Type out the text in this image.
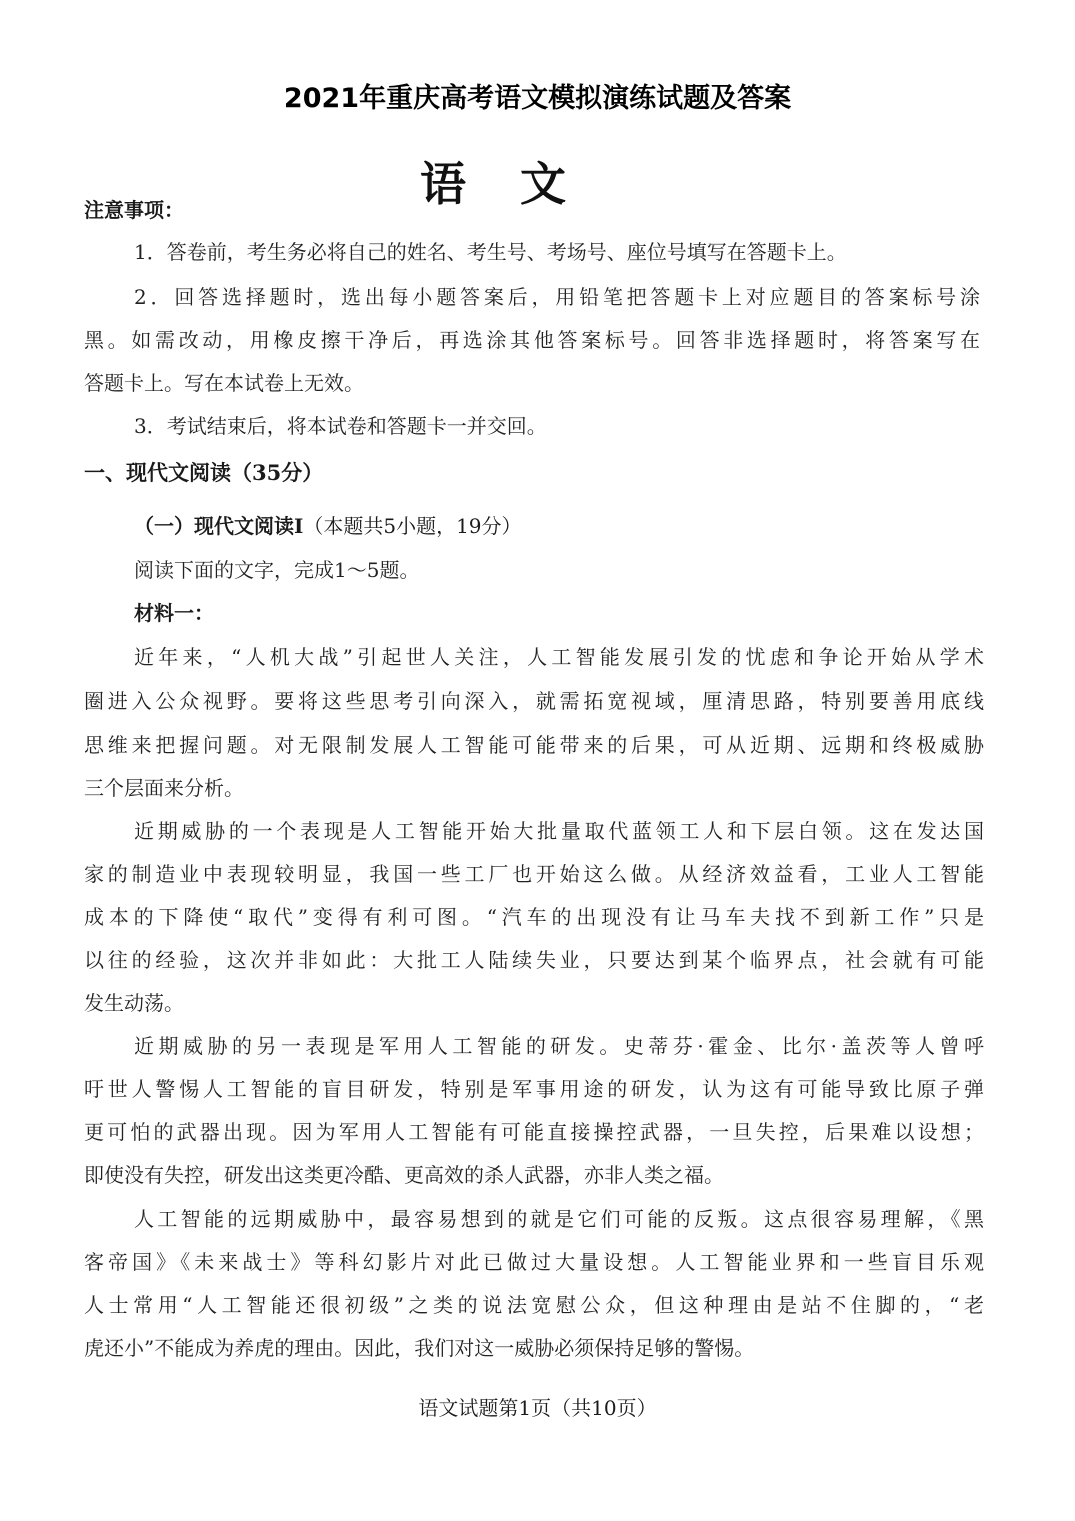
2021年重庆高考语文模拟演练试题及答案
语文
注意事项：
1．答卷前，考生务必将自己的姓名、考生号、考场号、座位号填写在答题卡上。
2．回答选择题时，选出每小题答案后，用铅笔把答题卡上对应题目的答案标号涂
黑。如需改动，用橡皮擦干净后，再选涂其他答案标号。回答非选择题时，将答案写在
答题卡上。写在本试卷上无效。
3．考试结束后，将本试卷和答题卡一并交回。
一、现代文阅读（35分）
（一）现代文阅读Ⅰ（本题共5小题，19分）
阅读下面的文字，完成1～5题。
材料一：
近年来，“人机大战”引起世人关注，人工智能发展引发的忧虑和争论开始从学术
圈进入公众视野。要将这些思考引向深入，就需拓宽视域，厘清思路，特别要善用底线
思维来把握问题。对无限制发展人工智能可能带来的后果，可从近期、远期和终极威胁
三个层面来分析。
近期威胁的一个表现是人工智能开始大批量取代蓝领工人和下层白领。这在发达国
家的制造业中表现较明显，我国一些工厂也开始这么做。从经济效益看，工业人工智能
成本的下降使“取代”变得有利可图。“汽车的出现没有让马车夫找不到新工作”只是
以往的经验，这次并非如此：大批工人陆续失业，只要达到某个临界点，社会就有可能
发生动荡。
近期威胁的另一表现是军用人工智能的研发。史蒂芬·霍金、比尔·盖茨等人曾呼
吁世人警惕人工智能的盲目研发，特别是军事用途的研发，认为这有可能导致比原子弹
更可怕的武器出现。因为军用人工智能有可能直接操控武器，一旦失控，后果难以设想；
即使没有失控，研发出这类更冷酷、更高效的杀人武器，亦非人类之福。
人工智能的远期威胁中，最容易想到的就是它们可能的反叛。这点很容易理解，《黑
客帝国》《未来战士》等科幻影片对此已做过大量设想。人工智能业界和一些盲目乐观
人士常用“人工智能还很初级”之类的说法宽慰公众，但这种理由是站不住脚的，“老
虎还小”不能成为养虎的理由。因此，我们对这一威胁必须保持足够的警惕。
语文试题第1页（共10页）
